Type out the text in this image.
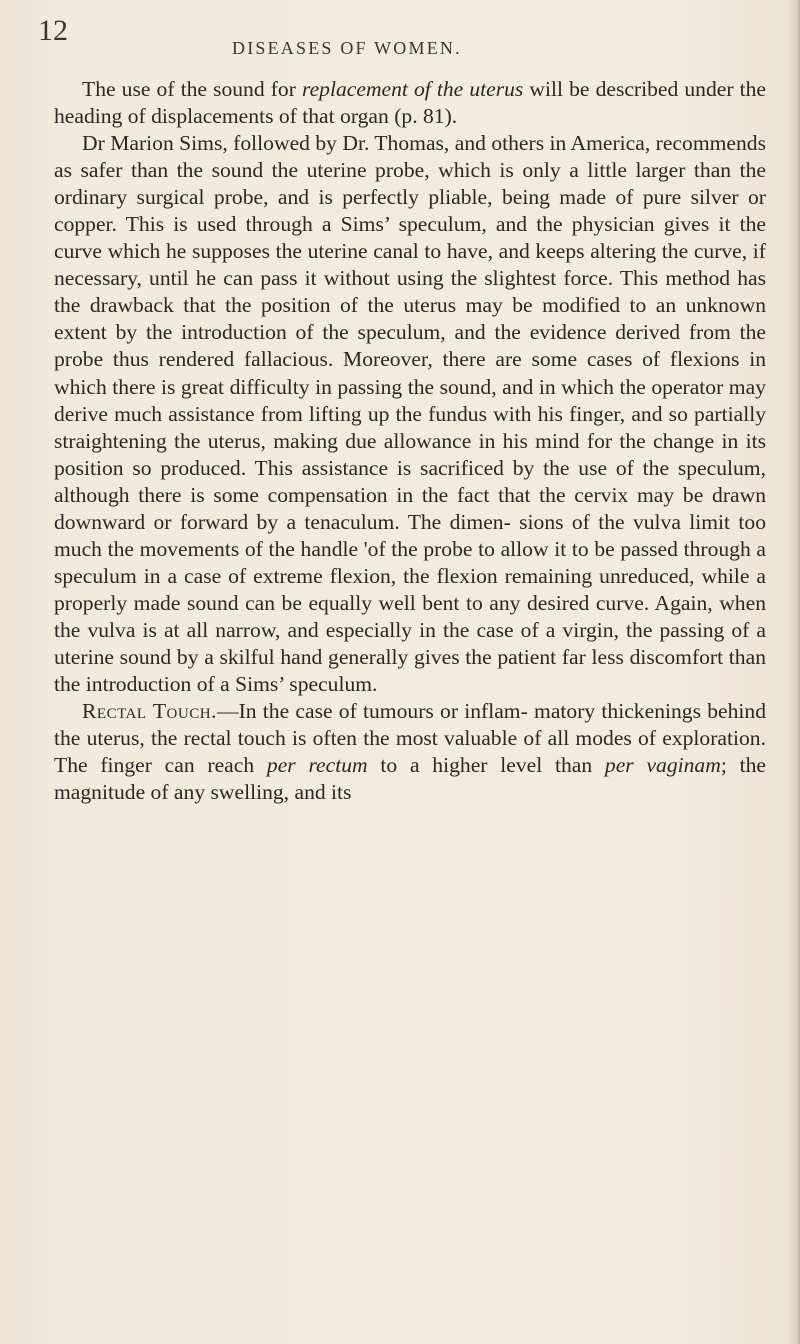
12
DISEASES OF WOMEN.

The use of the sound for replacement of the uterus will be described under the heading of displacements of that organ (p. 81).

Dr Marion Sims, followed by Dr. Thomas, and others in America, recommends as safer than the sound the uterine probe, which is only a little larger than the ordinary surgical probe, and is perfectly pliable, being made of pure silver or copper. This is used through a Sims’ speculum, and the physician gives it the curve which he supposes the uterine canal to have, and keeps altering the curve, if necessary, until he can pass it without using the slightest force. This method has the drawback that the position of the uterus may be modified to an unknown extent by the introduction of the speculum, and the evidence derived from the probe thus rendered fallacious. Moreover, there are some cases of flexions in which there is great difficulty in passing the sound, and in which the operator may derive much assistance from lifting up the fundus with his finger, and so partially straightening the uterus, making due allowance in his mind for the change in its position so produced. This assistance is sacrificed by the use of the speculum, although there is some compensation in the fact that the cervix may be drawn downward or forward by a tenaculum. The dimen- sions of the vulva limit too much the movements of the handle 'of the probe to allow it to be passed through a speculum in a case of extreme flexion, the flexion remaining unreduced, while a properly made sound can be equally well bent to any desired curve. Again, when the vulva is at all narrow, and especially in the case of a virgin, the passing of a uterine sound by a skilful hand generally gives the patient far less discomfort than the introduction of a Sims’ speculum.

Rectal Touch.—In the case of tumours or inflam- matory thickenings behind the uterus, the rectal touch is often the most valuable of all modes of exploration. The finger can reach per rectum to a higher level than per vaginam; the magnitude of any swelling, and its
